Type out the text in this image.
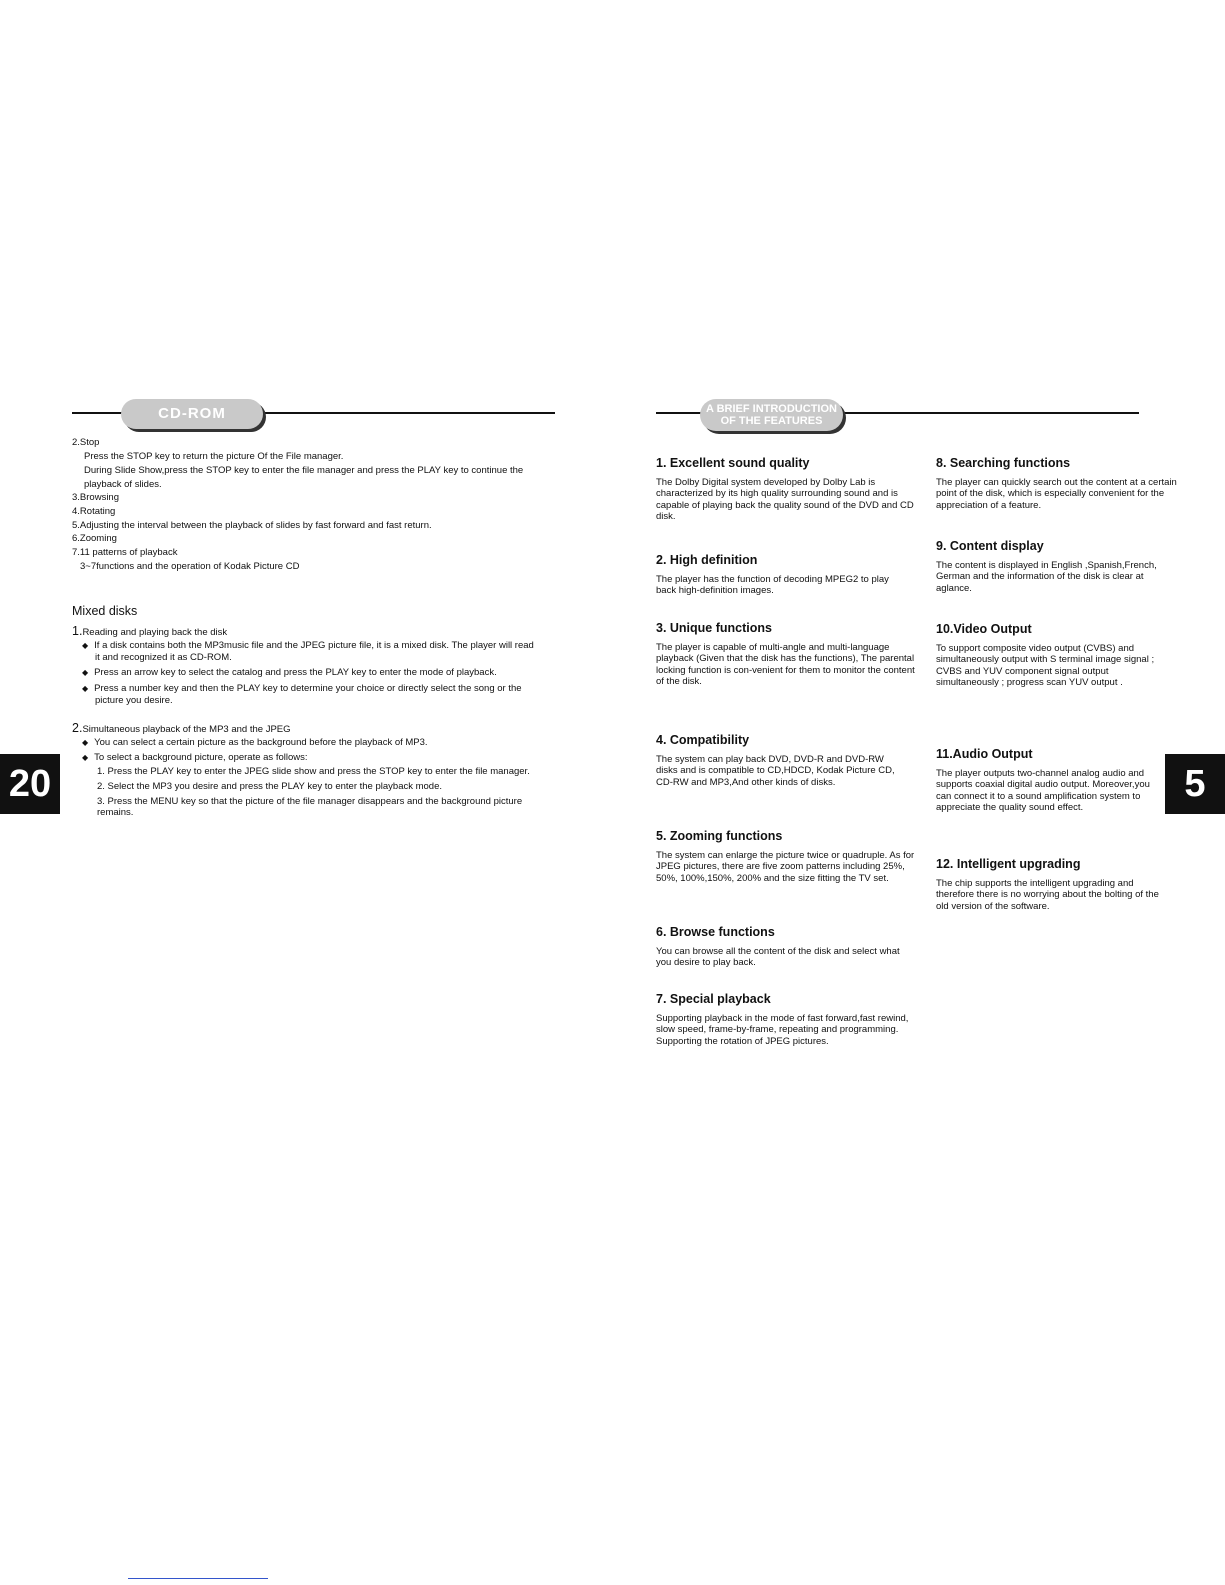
CD-ROM
2.Stop
Press the STOP key to return the picture Of the File manager.
During Slide Show,press the STOP key to enter the file manager and press the PLAY key to continue the
playback of slides.
3.Browsing
4.Rotating
5.Adjusting the interval between the playback of slides by fast forward and fast return.
6.Zooming
7.11 patterns of playback
3~7functions and the operation of Kodak Picture CD
Mixed disks
1.Reading and playing back the disk
◆ If a disk contains both the MP3music file and the JPEG picture file, it is a mixed disk. The player will read
it and recognized it as CD-ROM.
◆ Press an arrow key to select the catalog and press the PLAY key to enter the mode of playback.
◆ Press a number key and then the PLAY key to determine your choice or directly select the song or the
picture you desire.
2.Simultaneous playback of the MP3 and the JPEG
◆ You can select a certain picture as the background before the playback of MP3.
◆ To select a background picture, operate as follows:
1. Press the PLAY key to enter the JPEG slide show and press the STOP key to enter the file manager.
2. Select the MP3 you desire and press the PLAY key to enter the playback mode.
3. Press the MENU key so that the picture of the file manager disappears and the background picture
remains.
20
A BRIEF INTRODUCTION
OF THE FEATURES
1. Excellent sound quality

The Dolby Digital system developed by Dolby Lab is characterized by its high quality surrounding sound and is capable of playing back the quality sound of the DVD and CD disk.

2. High definition

The player has the function of decoding MPEG2 to play back high-definition images.

3. Unique functions

The player is capable of multi-angle and multi-language playback (Given that the disk has the functions), The parental locking function is con-venient for them to monitor the content of the disk.

4. Compatibility

The system can play back DVD, DVD-R and DVD-RW disks and is compatible to CD,HDCD, Kodak Picture CD, CD-RW and MP3,And other kinds of disks.

5. Zooming functions

The system can enlarge the picture twice or quadruple. As for JPEG pictures, there are five zoom patterns including 25%, 50%, 100%,150%, 200% and the size fitting the TV set.

6. Browse functions

You can browse all the content of the disk and select what you desire to play back.

7. Special playback

Supporting playback in the mode of fast forward,fast rewind, slow speed, frame-by-frame, repeating and programming. Supporting the rotation of JPEG pictures.

8. Searching functions

The player can quickly search out the content at a certain point of the disk, which is especially convenient for the appreciation of a feature.

9. Content display

The content is displayed in English ,Spanish,French, German and the information of the disk is clear at aglance.

10.Video Output

To support composite video output (CVBS) and simultaneously output with S terminal image signal ; CVBS and YUV component signal output simultaneously ; progress scan YUV output .

11.Audio Output

The player outputs two-channel analog audio and supports coaxial digital audio output. Moreover,you can connect it to a sound amplification system to appreciate the quality sound effect.

12. Intelligent upgrading

The chip supports the intelligent upgrading and therefore there is no worrying about the bolting of the old version of the software.

5
